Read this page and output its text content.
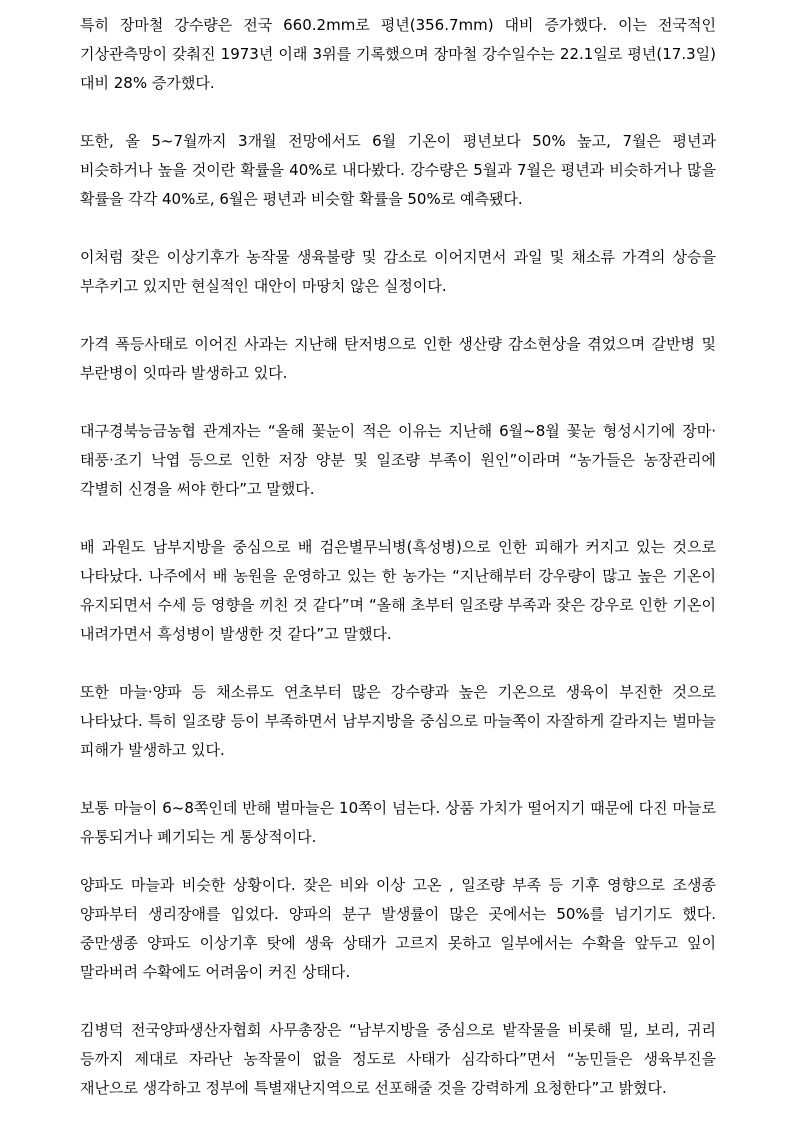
특히 장마철 강수량은 전국 660.2mm로 평년(356.7mm) 대비 증가했다. 이는 전국적인 기상관측망이 갖춰진 1973년 이래 3위를 기록했으며 장마철 강수일수는 22.1일로 평년(17.3일) 대비 28% 증가했다.

또한, 올 5~7월까지 3개월 전망에서도 6월 기온이 평년보다 50% 높고, 7월은 평년과 비슷하거나 높을 것이란 확률을 40%로 내다봤다. 강수량은 5월과 7월은 평년과 비슷하거나 많을 확률을 각각 40%로, 6월은 평년과 비슷할 확률을 50%로 예측됐다.

이처럼 잦은 이상기후가 농작물 생육불량 및 감소로 이어지면서 과일 및 채소류 가격의 상승을 부추키고 있지만 현실적인 대안이 마땅치 않은 실정이다.

가격 폭등사태로 이어진 사과는 지난해 탄저병으로 인한 생산량 감소현상을 겪었으며 갈반병 및 부란병이 잇따라 발생하고 있다.

대구경북능금농협 관계자는 “올해 꽃눈이 적은 이유는 지난해 6월~8월 꽃눈 형성시기에 장마·태풍·조기 낙엽 등으로 인한 저장 양분 및 일조량 부족이 원인”이라며 “농가들은 농장관리에 각별히 신경을 써야 한다”고 말했다.

배 과원도 남부지방을 중심으로 배 검은별무늬병(흑성병)으로 인한 피해가 커지고 있는 것으로 나타났다. 나주에서 배 농원을 운영하고 있는 한 농가는 “지난해부터 강우량이 많고 높은 기온이 유지되면서 수세 등 영향을 끼친 것 같다”며 “올해 초부터 일조량 부족과 잦은 강우로 인한 기온이 내려가면서 흑성병이 발생한 것 같다”고 말했다.

또한 마늘·양파 등 채소류도 연초부터 많은 강수량과 높은 기온으로 생육이 부진한 것으로 나타났다. 특히 일조량 등이 부족하면서 남부지방을 중심으로 마늘쪽이 자잘하게 갈라지는 벌마늘 피해가 발생하고 있다.

보통 마늘이 6~8쪽인데 반해 벌마늘은 10쪽이 넘는다. 상품 가치가 떨어지기 때문에 다진 마늘로 유통되거나 폐기되는 게 통상적이다.

양파도 마늘과 비슷한 상황이다. 잦은 비와 이상 고온 , 일조량 부족 등 기후 영향으로 조생종 양파부터 생리장애를 입었다. 양파의 분구 발생률이 많은 곳에서는 50%를 넘기기도 했다. 중만생종 양파도 이상기후 탓에 생육 상태가 고르지 못하고 일부에서는 수확을 앞두고 잎이 말라버려 수확에도 어려움이 커진 상태다.

김병덕 전국양파생산자협회 사무총장은 “남부지방을 중심으로 밭작물을 비롯해 밀, 보리, 귀리 등까지 제대로 자라난 농작물이 없을 정도로 사태가 심각하다”면서 “농민들은 생육부진을 재난으로 생각하고 정부에 특별재난지역으로 선포해줄 것을 강력하게 요청한다”고 밝혔다.
